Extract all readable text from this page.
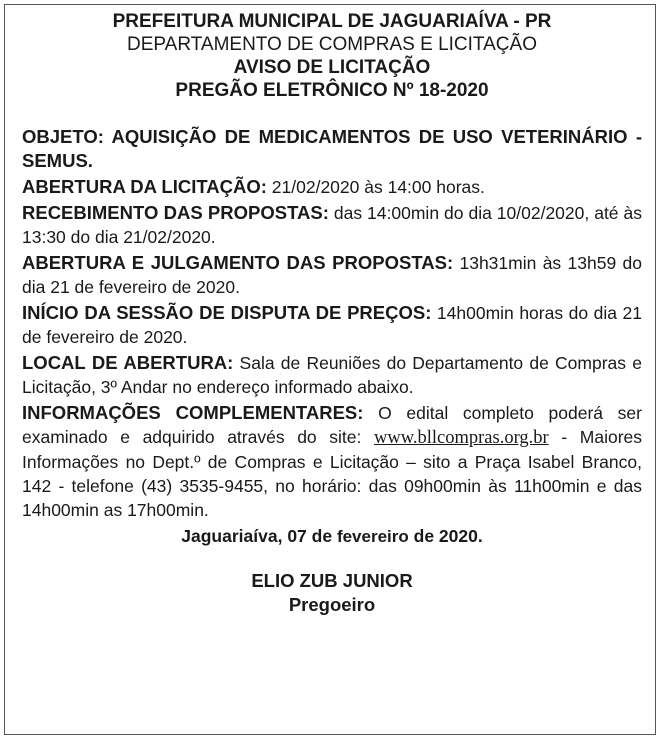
PREFEITURA MUNICIPAL DE JAGUARIAÍVA - PR
DEPARTAMENTO DE COMPRAS E LICITAÇÃO
AVISO DE LICITAÇÃO
PREGÃO ELETRÔNICO Nº 18-2020

OBJETO: AQUISIÇÃO DE MEDICAMENTOS DE USO VETERINÁRIO - SEMUS.

ABERTURA DA LICITAÇÃO: 21/02/2020 às 14:00 horas.

RECEBIMENTO DAS PROPOSTAS: das 14:00min do dia 10/02/2020, até às 13:30 do dia 21/02/2020.

ABERTURA E JULGAMENTO DAS PROPOSTAS: 13h31min às 13h59 do dia 21 de fevereiro de 2020.

INÍCIO DA SESSÃO DE DISPUTA DE PREÇOS: 14h00min horas do dia 21 de fevereiro de 2020.

LOCAL DE ABERTURA: Sala de Reuniões do Departamento de Compras e Licitação, 3º Andar no endereço informado abaixo.

INFORMAÇÕES COMPLEMENTARES: O edital completo poderá ser examinado e adquirido através do site: www.bllcompras.org.br - Maiores Informações no Dept.º de Compras e Licitação – sito a Praça Isabel Branco, 142 - telefone (43) 3535-9455, no horário: das 09h00min às 11h00min e das 14h00min as 17h00min.

Jaguariaíva, 07 de fevereiro de 2020.
ELIO ZUB JUNIOR
Pregoeiro
